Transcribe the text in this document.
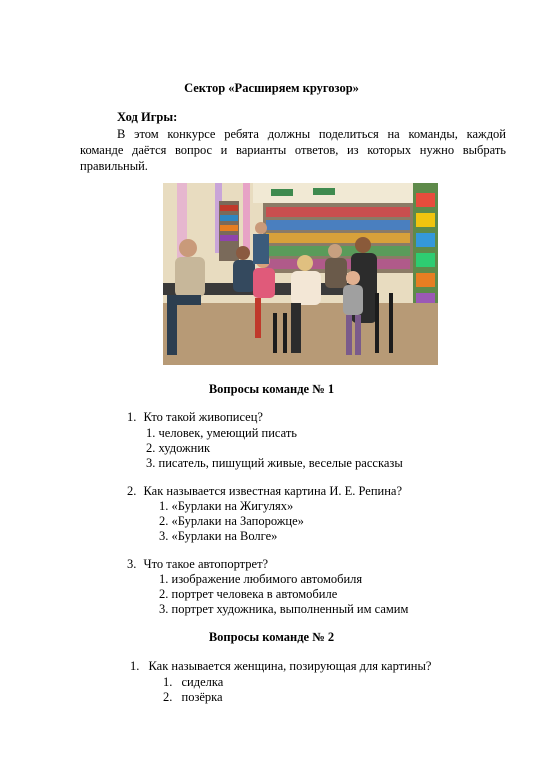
Сектор «Расширяем кругозор»
Ход Игры:
В этом конкурсе ребята должны поделиться на команды, каждой команде даётся вопрос и варианты ответов, из которых нужно выбрать правильный.
Вопросы команде № 1
1. Кто такой живописец?
1. человек, умеющий писать
2. художник
3. писатель, пишущий живые, веселые рассказы
2. Как называется известная картина И. Е. Репина?
1. «Бурлаки на Жигулях»
2. «Бурлаки на Запорожце»
3. «Бурлаки на Волге»
3. Что такое автопортрет?
1. изображение любимого автомобиля
2. портрет человека в автомобиле
3. портрет художника, выполненный им самим
Вопросы команде № 2
1. Как называется женщина, позирующая для картины?
1. сиделка
2. позёрка
